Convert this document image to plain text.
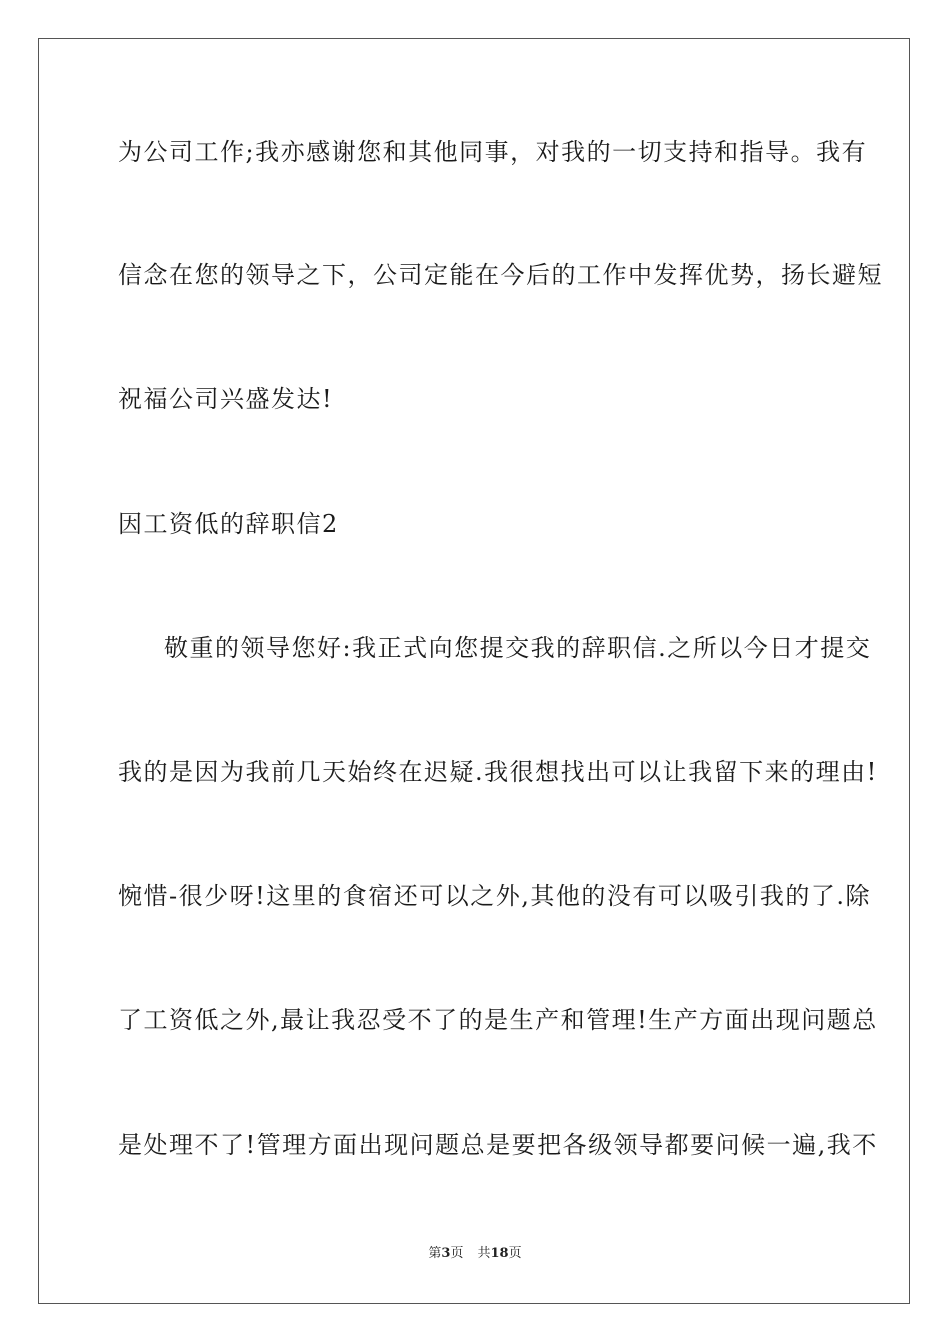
为公司工作;我亦感谢您和其他同事，对我的一切支持和指导。我有
信念在您的领导之下，公司定能在今后的工作中发挥优势，扬长避短
祝福公司兴盛发达!
因工资低的辞职信2
敬重的领导您好:我正式向您提交我的辞职信.之所以今日才提交
我的是因为我前几天始终在迟疑.我很想找出可以让我留下来的理由!
惋惜-很少呀!这里的食宿还可以之外,其他的没有可以吸引我的了.除
了工资低之外,最让我忍受不了的是生产和管理!生产方面出现问题总
是处理不了!管理方面出现问题总是要把各级领导都要问候一遍,我不
第3页 共18页
